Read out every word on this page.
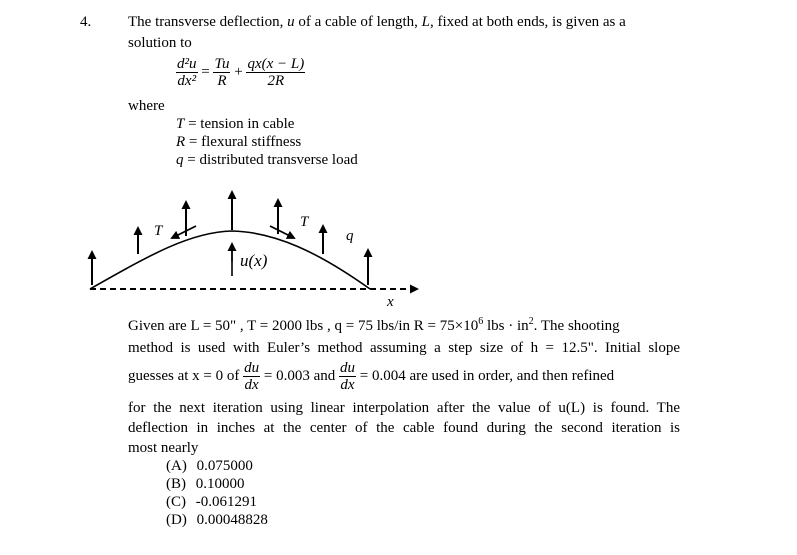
4. The transverse deflection, u of a cable of length, L, fixed at both ends, is given as a
solution to
$\frac{\text{d²u}}{\text{dx²}} = \frac{Tu}{R} + \frac{qx(x - L)}{2R}$
where
T = tension in cable
R = flexural stiffness
q = distributed transverse load
T
T
q
u(x)
x
Given are L = 50" , T = 2000 lbs , q = 75 lbs/in $R = 75\times 10^6$ lbs · $in^2$. The shooting
method is used with Euler’s method assuming a step size of h = 12.5". Initial slope
guesses at x = 0 of $\frac{du}{dx} = 0.003$ and $\frac{du}{dx} = 0.004$ are used in order, and then refined
for the next iteration using linear interpolation after the value of u(L) is found. The
deflection in inches at the center of the cable found during the second iteration is
most nearly
(A) 0.075000
(B) 0.10000
(C) -0.061291
(D) 0.00048828
